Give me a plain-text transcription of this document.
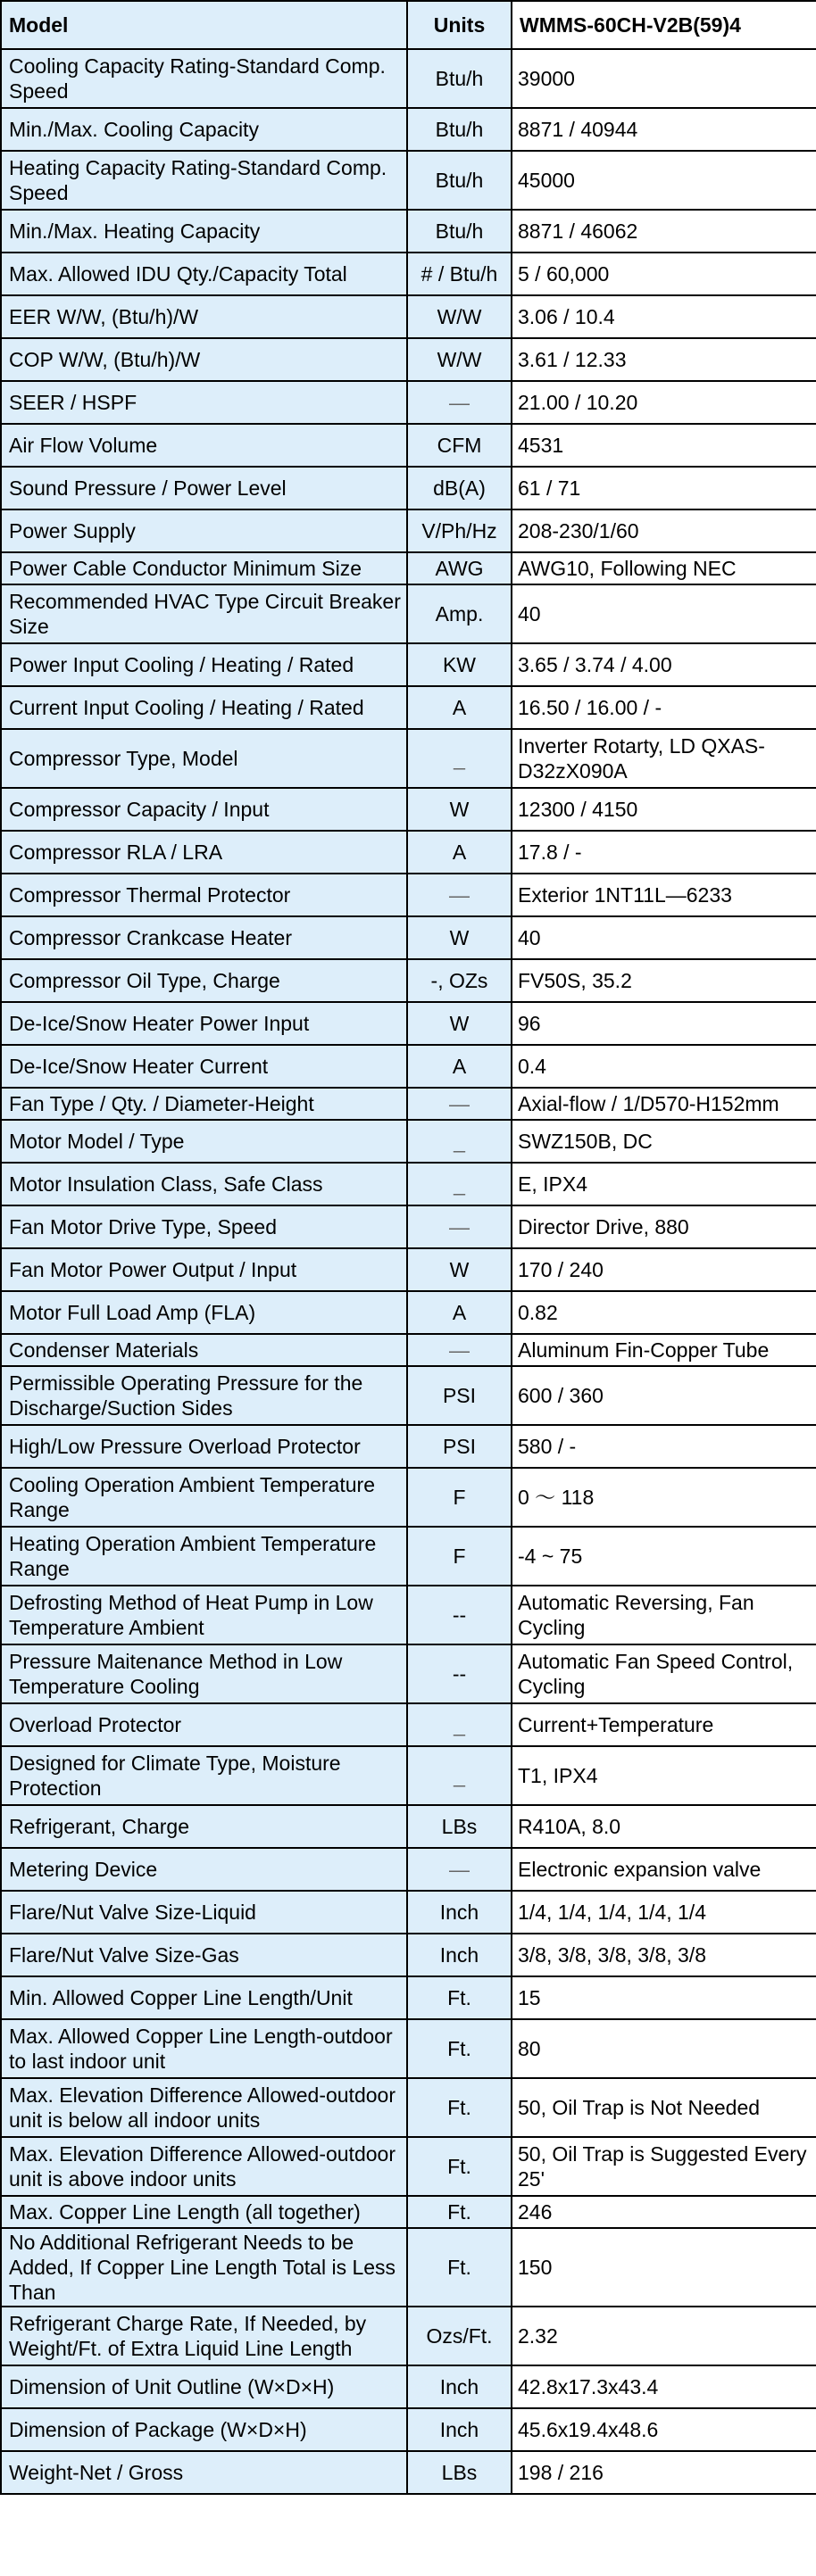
Model	Units	WMMS-60CH-V2B(59)4
Cooling Capacity Rating-Standard Comp. Speed	Btu/h	39000
Min./Max. Cooling Capacity	Btu/h	8871 / 40944
Heating Capacity Rating-Standard Comp. Speed	Btu/h	45000
Min./Max. Heating Capacity	Btu/h	8871 / 46062
Max. Allowed IDU Qty./Capacity Total	# / Btu/h	5 / 60,000
EER W/W, (Btu/h)/W	W/W	3.06 / 10.4
COP W/W, (Btu/h)/W	W/W	3.61 / 12.33
SEER / HSPF	—	21.00 / 10.20
Air Flow Volume	CFM	4531
Sound Pressure / Power Level	dB(A)	61 / 71
Power Supply	V/Ph/Hz	208-230/1/60
Power Cable Conductor Minimum Size	AWG	AWG10, Following NEC
Recommended HVAC Type Circuit Breaker Size	Amp.	40
Power Input Cooling / Heating / Rated	KW	3.65 / 3.74 / 4.00
Current Input Cooling / Heating / Rated	A	16.50 / 16.00 / -
Compressor Type, Model	_	Inverter Rotarty, LD QXAS-D32zX090A
Compressor Capacity / Input	W	12300 / 4150
Compressor RLA / LRA	A	17.8 / -
Compressor Thermal Protector	—	Exterior 1NT11L—6233
Compressor Crankcase Heater	W	40
Compressor Oil Type, Charge	-, OZs	FV50S, 35.2
De-Ice/Snow Heater Power Input	W	96
De-Ice/Snow Heater Current	A	0.4
Fan Type / Qty. / Diameter-Height	—	Axial-flow / 1/D570-H152mm
Motor Model / Type	_	SWZ150B, DC
Motor Insulation Class, Safe Class	_	E, IPX4
Fan Motor Drive Type, Speed	—	Director Drive, 880
Fan Motor Power Output / Input	W	170 / 240
Motor Full Load Amp (FLA)	A	0.82
Condenser Materials	—	Aluminum Fin-Copper Tube
Permissible Operating Pressure for the Discharge/Suction Sides	PSI	600 / 360
High/Low Pressure Overload Protector	PSI	580 / -
Cooling Operation Ambient Temperature Range	F	0 ～ 118
Heating Operation Ambient Temperature Range	F	-4 ~ 75
Defrosting Method of Heat Pump in Low Temperature Ambient	--	Automatic Reversing, Fan Cycling
Pressure Maitenance Method in Low Temperature Cooling	--	Automatic Fan Speed Control, Cycling
Overload Protector	_	Current+Temperature
Designed for Climate Type, Moisture Protection	_	T1, IPX4
Refrigerant, Charge	LBs	R410A, 8.0
Metering Device	—	Electronic expansion valve
Flare/Nut Valve Size-Liquid	Inch	1/4, 1/4, 1/4, 1/4, 1/4
Flare/Nut Valve Size-Gas	Inch	3/8, 3/8, 3/8, 3/8, 3/8
Min. Allowed Copper Line Length/Unit	Ft.	15
Max. Allowed Copper Line Length-outdoor to last indoor unit	Ft.	80
Max. Elevation Difference Allowed-outdoor unit is below all indoor units	Ft.	50, Oil Trap is Not Needed
Max. Elevation Difference Allowed-outdoor unit is above indoor units	Ft.	50, Oil Trap is Suggested Every 25'
Max. Copper Line Length (all together)	Ft.	246
No Additional Refrigerant Needs to be Added, If Copper Line Length Total is Less Than	Ft.	150
Refrigerant Charge Rate, If Needed, by Weight/Ft. of Extra Liquid Line Length	Ozs/Ft.	2.32
Dimension of Unit Outline (W×D×H)	Inch	42.8x17.3x43.4
Dimension of Package (W×D×H)	Inch	45.6x19.4x48.6
Weight-Net / Gross	LBs	198 / 216
